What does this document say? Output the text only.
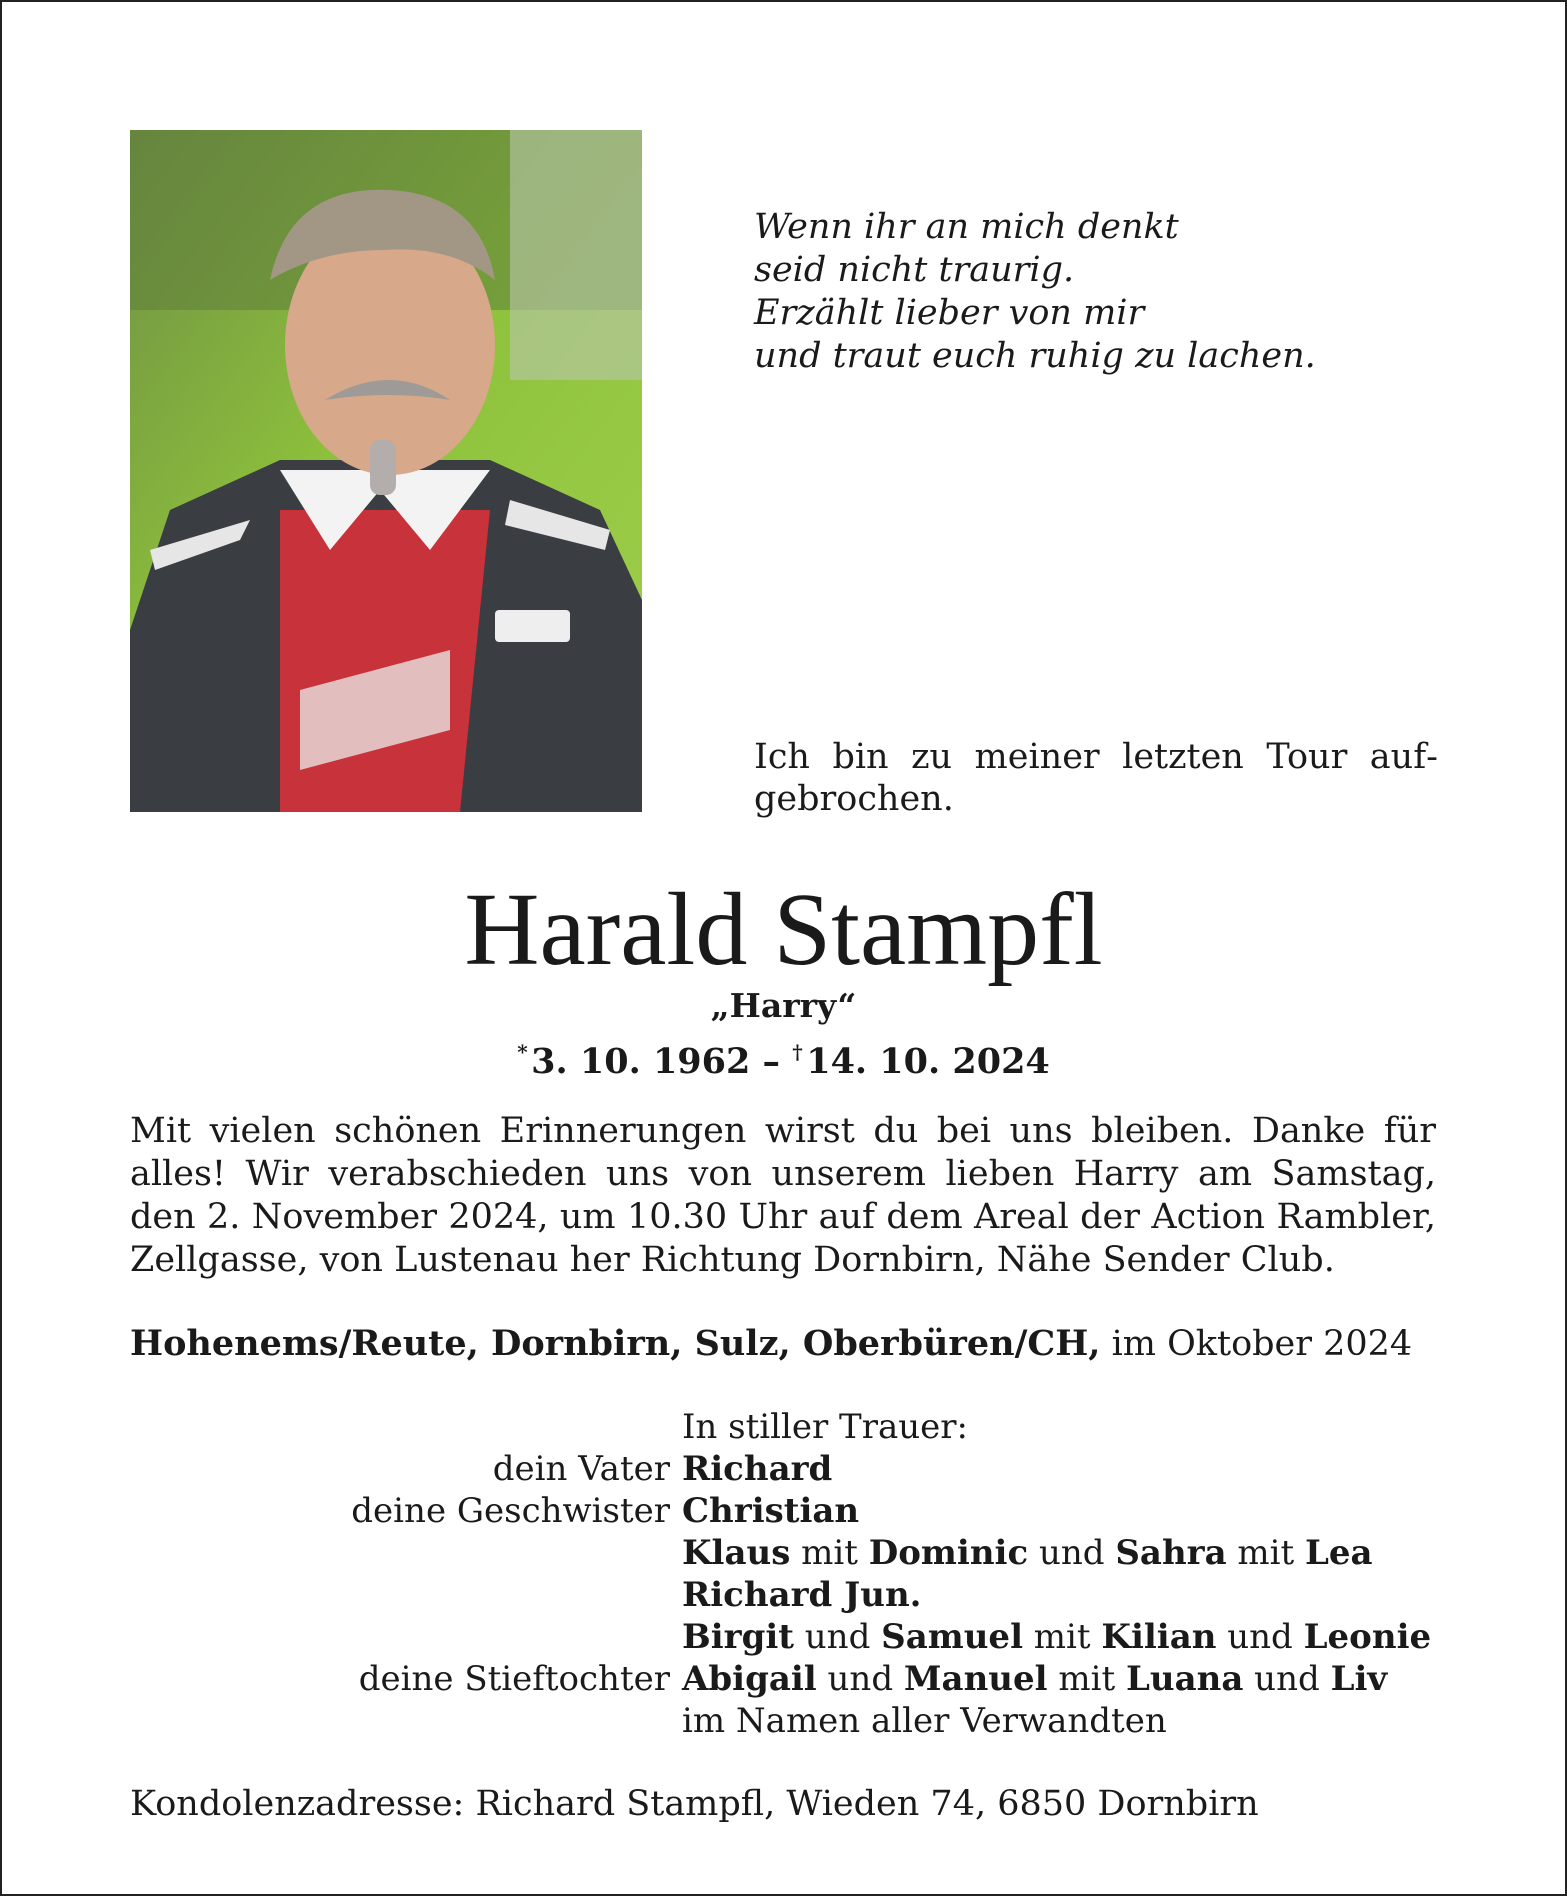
Wenn ihr an mich denkt
seid nicht traurig.
Erzählt lieber von mir
und traut euch ruhig zu lachen.
Ich bin zu meiner letzten Tour aufgebrochen.
Harald Stampfl
„Harry“
*  3. 10. 1962 – †  14. 10. 2024
Mit vielen schönen Erinnerungen wirst du bei uns bleiben. Danke für alles! Wir verabschieden uns von unserem lieben Harry am Samstag, den 2. November 2024, um 10.30 Uhr auf dem Areal der Action Rambler, Zellgasse, von Lustenau her Richtung Dornbirn, Nähe Sender Club.
Hohenems/Reute, Dornbirn, Sulz, Oberbüren/CH, im Oktober 2024
In stiller Trauer:
dein Vater Richard
deine Geschwister Christian
Klaus mit Dominic und Sahra mit Lea
Richard Jun.
Birgit und Samuel mit Kilian und Leonie
deine Stieftochter Abigail und Manuel mit Luana und Liv
im Namen aller Verwandten
Kondolenzadresse: Richard Stampfl, Wieden 74, 6850 Dornbirn
